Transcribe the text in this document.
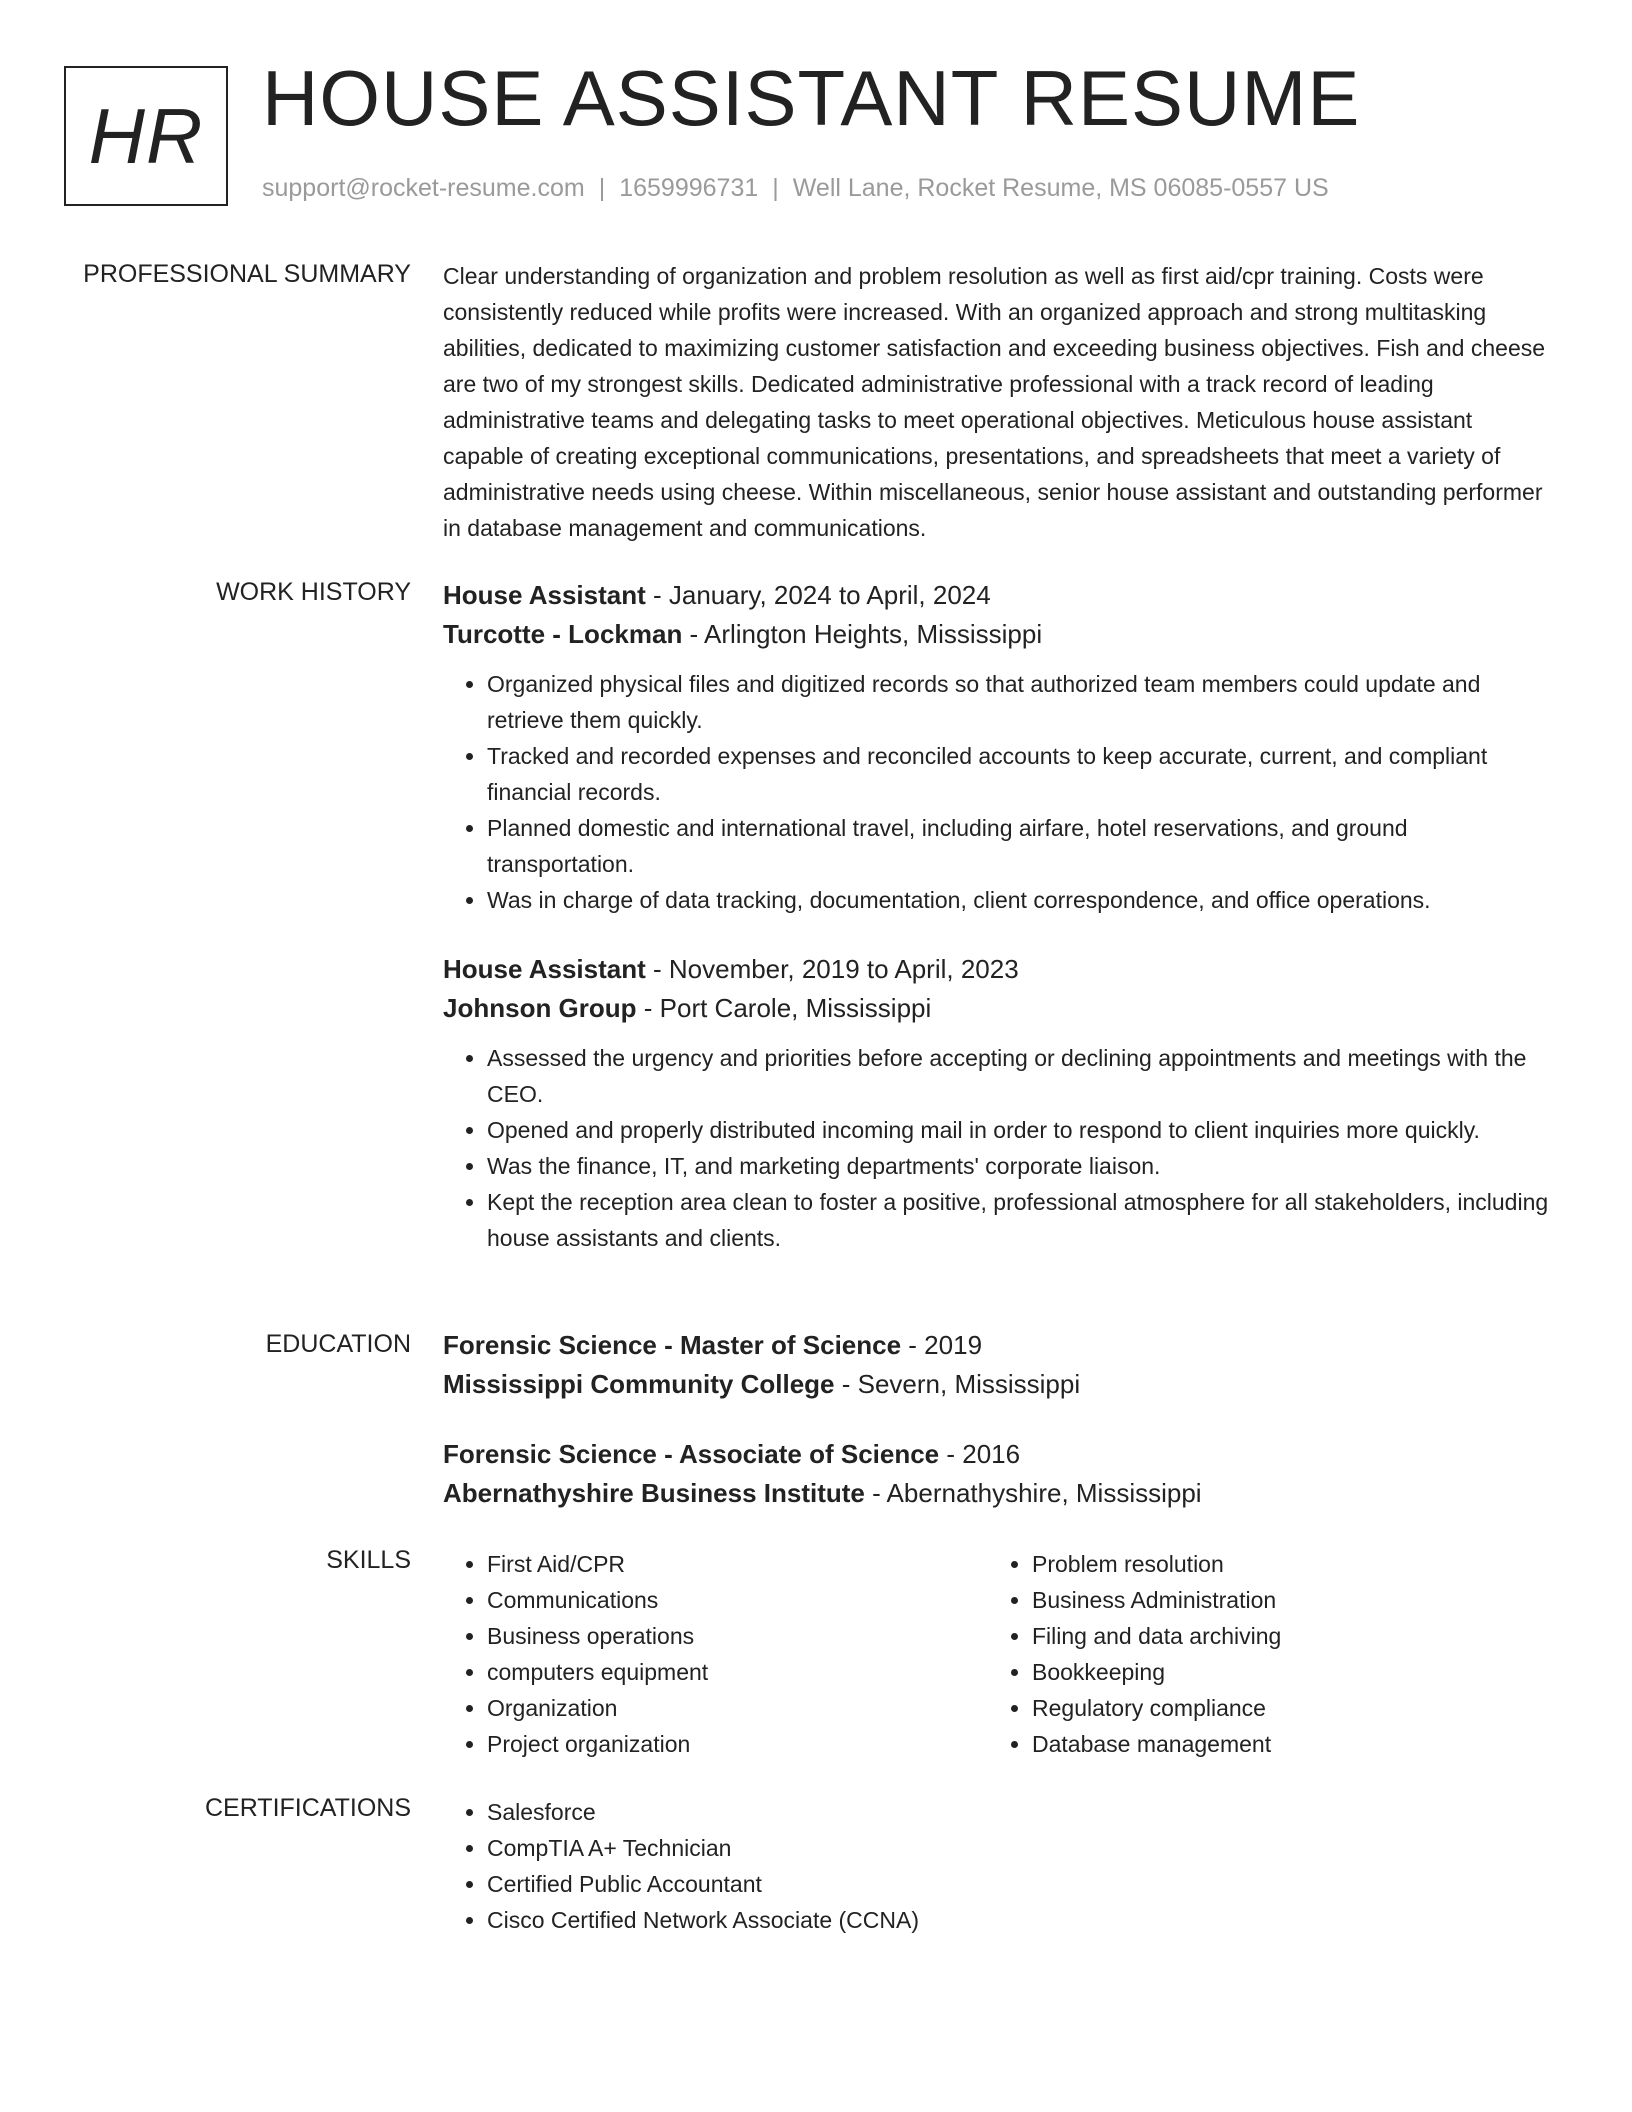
HR HOUSE ASSISTANT RESUME
support@rocket-resume.com | 1659996731 | Well Lane, Rocket Resume, MS 06085-0557 US
PROFESSIONAL SUMMARY Clear understanding of organization and problem resolution as well as first aid/cpr training. Costs were consistently reduced while profits were increased. With an organized approach and strong multitasking abilities, dedicated to maximizing customer satisfaction and exceeding business objectives. Fish and cheese are two of my strongest skills. Dedicated administrative professional with a track record of leading administrative teams and delegating tasks to meet operational objectives. Meticulous house assistant capable of creating exceptional communications, presentations, and spreadsheets that meet a variety of administrative needs using cheese. Within miscellaneous, senior house assistant and outstanding performer in database management and communications.

WORK HISTORY House Assistant - January, 2024 to April, 2024
Turcotte - Lockman - Arlington Heights, Mississippi
• Organized physical files and digitized records so that authorized team members could update and retrieve them quickly.
• Tracked and recorded expenses and reconciled accounts to keep accurate, current, and compliant financial records.
• Planned domestic and international travel, including airfare, hotel reservations, and ground transportation.
• Was in charge of data tracking, documentation, client correspondence, and office operations.
House Assistant - November, 2019 to April, 2023
Johnson Group - Port Carole, Mississippi
• Assessed the urgency and priorities before accepting or declining appointments and meetings with the CEO.
• Opened and properly distributed incoming mail in order to respond to client inquiries more quickly.
• Was the finance, IT, and marketing departments' corporate liaison.
• Kept the reception area clean to foster a positive, professional atmosphere for all stakeholders, including house assistants and clients.
EDUCATION Forensic Science - Master of Science - 2019
Mississippi Community College - Severn, Mississippi
Forensic Science - Associate of Science - 2016
Abernathyshire Business Institute - Abernathyshire, Mississippi
SKILLS	• First Aid/CPR
• Communications
• Business operations
• computers equipment
• Organization
• Project organization
• Problem resolution
• Business Administration
• Filing and data archiving
• Bookkeeping
• Regulatory compliance
• Database management
CERTIFICATIONS	• Salesforce
• CompTIA A+ Technician
• Certified Public Accountant
• Cisco Certified Network Associate (CCNA)
